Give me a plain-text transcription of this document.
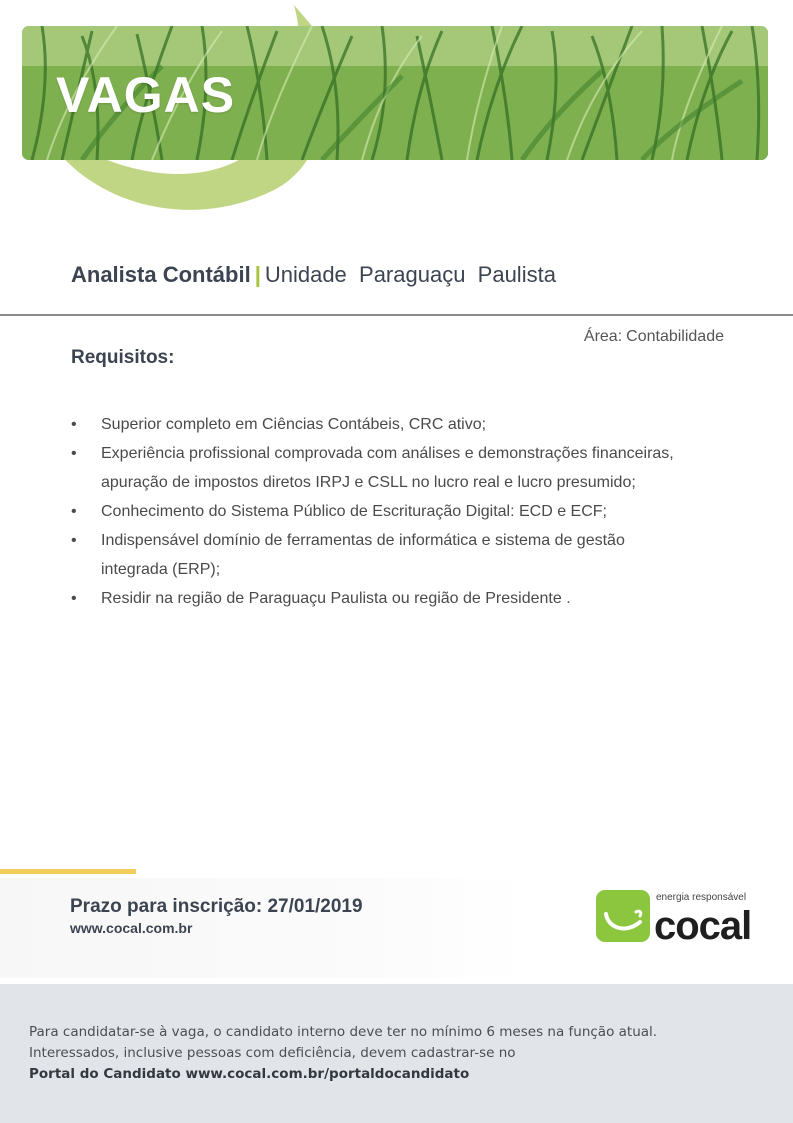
VAGAS
Analista Contábil | Unidade  Paraguaçu  Paulista
Área: Contabilidade
Requisitos:
• Superior completo em Ciências Contábeis, CRC ativo;
• Experiência profissional comprovada com análises e demonstrações financeiras, apuração de impostos diretos IRPJ e CSLL no lucro real e lucro presumido;
• Conhecimento do Sistema Público de Escrituração Digital: ECD e ECF;
• Indispensável domínio de ferramentas de informática e sistema de gestão integrada (ERP);
• Residir na região de Paraguaçu Paulista ou região de Presidente .
Prazo para inscrição: 27/01/2019
www.cocal.com.br
energia responsável
cocal

Para candidatar-se à vaga, o candidato interno deve ter no mínimo 6 meses na função atual.

Interessados, inclusive pessoas com deficiência, devem cadastrar-se no

Portal do Candidato www.cocal.com.br/portaldocandidato
